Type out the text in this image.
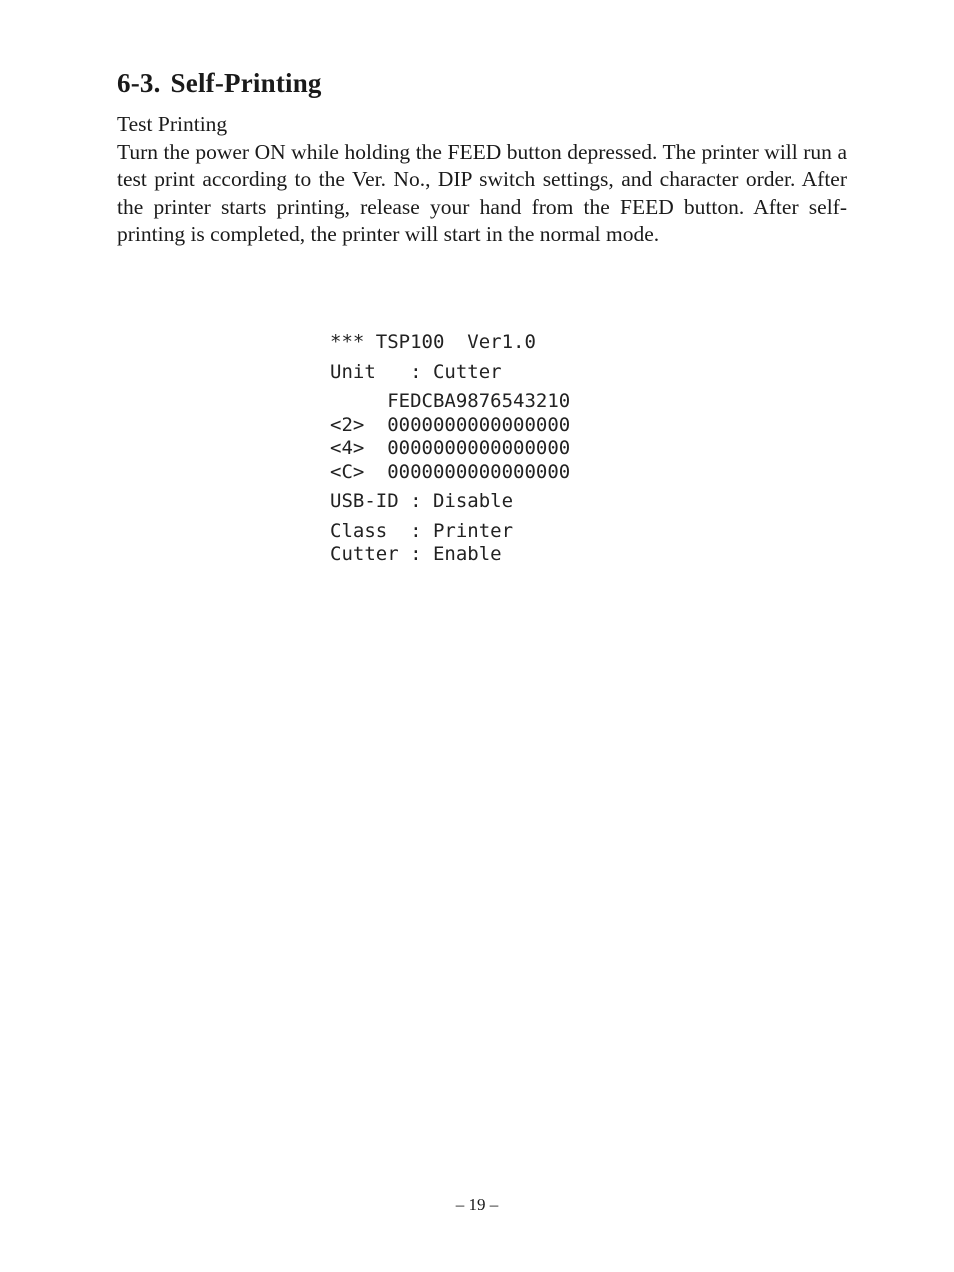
6-3. Self-Printing

Test Printing

Turn the power ON while holding the FEED button depressed. The printer will run a test print according to the Ver. No., DIP switch settings, and character order. After the printer starts printing, release your hand from the FEED button. After self-printing is completed, the printer will start in the normal mode.

*** TSP100  Ver1.0
Unit   : Cutter
FEDCBA9876543210
<2>  0000000000000000
<4>  0000000000000000
<C>  0000000000000000
USB-ID : Disable
Class  : Printer
Cutter : Enable
– 19 –
